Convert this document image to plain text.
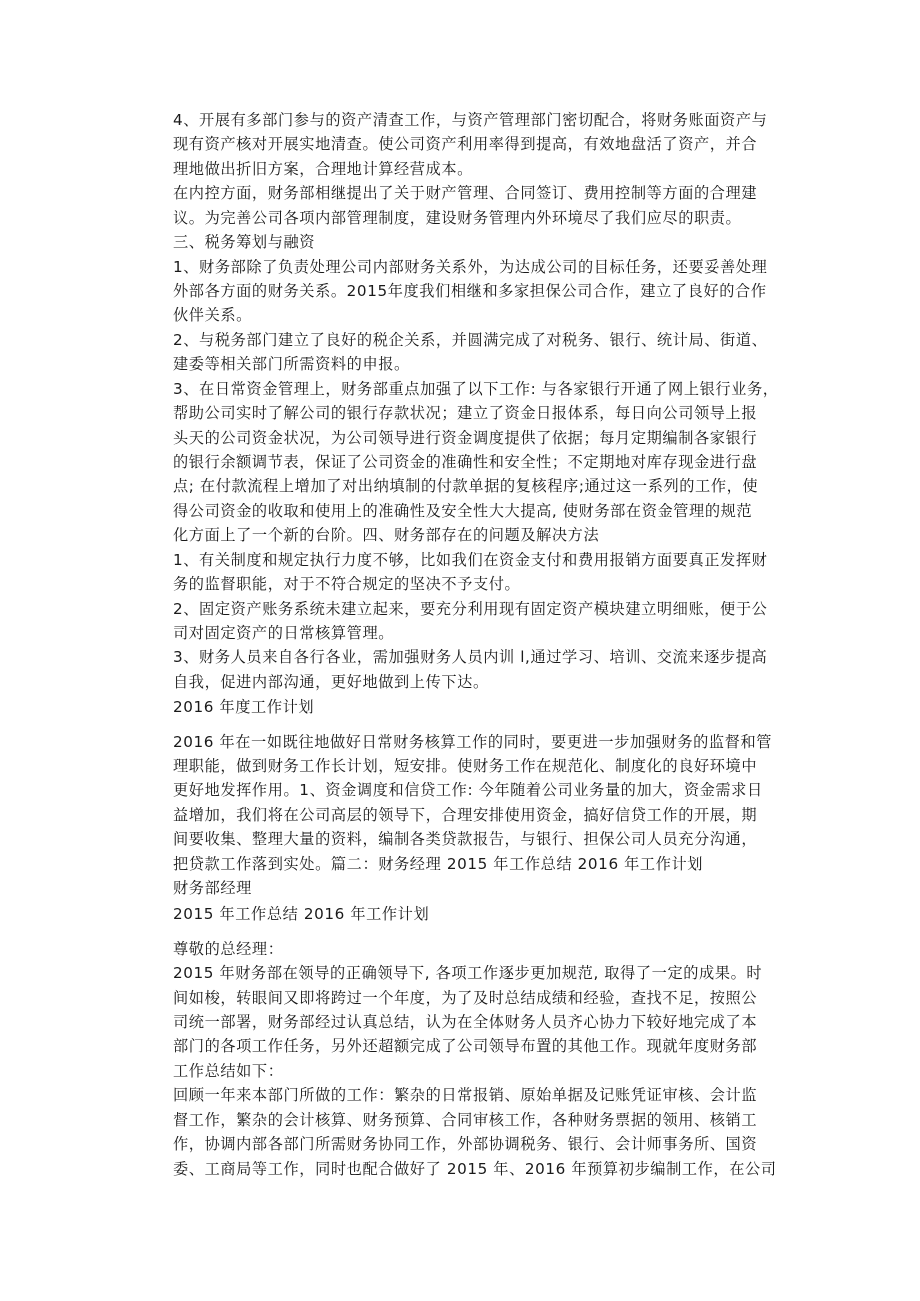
4、开展有多部门参与的资产清查工作，与资产管理部门密切配合，将财务账面资产与
现有资产核对开展实地清查。使公司资产利用率得到提高，有效地盘活了资产，并合
理地做出折旧方案，合理地计算经营成本。
在内控方面，财务部相继提出了关于财产管理、合同签订、费用控制等方面的合理建
议。为完善公司各项内部管理制度，建设财务管理内外环境尽了我们应尽的职责。
三、税务筹划与融资
1、财务部除了负责处理公司内部财务关系外，为达成公司的目标任务，还要妥善处理
外部各方面的财务关系。2015年度我们相继和多家担保公司合作，建立了良好的合作
伙伴关系。
2、与税务部门建立了良好的税企关系，并圆满完成了对税务、银行、统计局、街道、
建委等相关部门所需资料的申报。
3、在日常资金管理上，财务部重点加强了以下工作: 与各家银行开通了网上银行业务，
帮助公司实时了解公司的银行存款状况；建立了资金日报体系，每日向公司领导上报
头天的公司资金状况，为公司领导进行资金调度提供了依据；每月定期编制各家银行
的银行余额调节表，保证了公司资金的准确性和安全性；不定期地对库存现金进行盘
点; 在付款流程上增加了对出纳填制的付款单据的复核程序;通过这一系列的工作，使
得公司资金的收取和使用上的准确性及安全性大大提高, 使财务部在资金管理的规范
化方面上了一个新的台阶。四、财务部存在的问题及解决方法
1、有关制度和规定执行力度不够，比如我们在资金支付和费用报销方面要真正发挥财
务的监督职能，对于不符合规定的坚决不予支付。
2、固定资产账务系统未建立起来，要充分利用现有固定资产模块建立明细账，便于公
司对固定资产的日常核算管理。
3、财务人员来自各行各业，需加强财务人员内训 l,通过学习、培训、交流来逐步提高
自我，促进内部沟通，更好地做到上传下达。
2016 年度工作计划
2016 年在一如既往地做好日常财务核算工作的同时，要更进一步加强财务的监督和管
理职能，做到财务工作长计划，短安排。使财务工作在规范化、制度化的良好环境中
更好地发挥作用。1、资金调度和信贷工作: 今年随着公司业务量的加大，资金需求日
益增加，我们将在公司高层的领导下，合理安排使用资金，搞好信贷工作的开展，期
间要收集、整理大量的资料，编制各类贷款报告，与银行、担保公司人员充分沟通，
把贷款工作落到实处。篇二：财务经理 2015 年工作总结 2016 年工作计划
财务部经理
2015 年工作总结 2016 年工作计划
尊敬的总经理：
2015 年财务部在领导的正确领导下, 各项工作逐步更加规范, 取得了一定的成果。时
间如梭，转眼间又即将跨过一个年度，为了及时总结成绩和经验，查找不足，按照公
司统一部署，财务部经过认真总结，认为在全体财务人员齐心协力下较好地完成了本
部门的各项工作任务，另外还超额完成了公司领导布置的其他工作。现就年度财务部
工作总结如下：
回顾一年来本部门所做的工作：繁杂的日常报销、原始单据及记账凭证审核、会计监
督工作，繁杂的会计核算、财务预算、合同审核工作，各种财务票据的领用、核销工
作，协调内部各部门所需财务协同工作，外部协调税务、银行、会计师事务所、国资
委、工商局等工作，同时也配合做好了 2015 年、2016 年预算初步编制工作，在公司
